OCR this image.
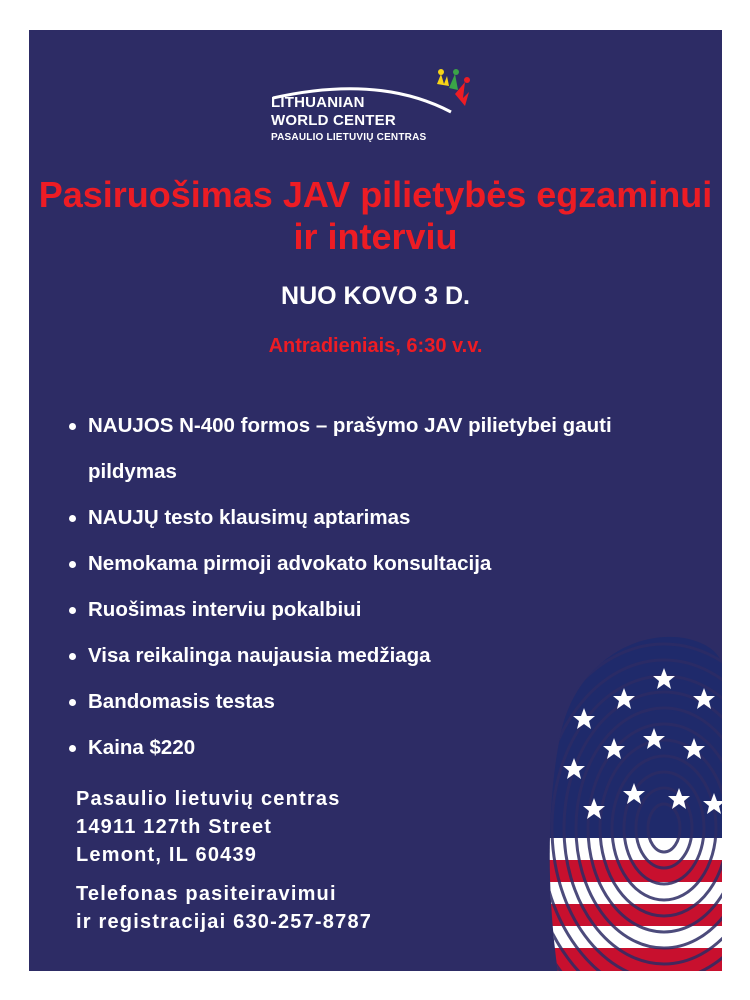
LITHUANIAN
WORLD CENTER
PASAULIO LIETUVIŲ CENTRAS
Pasiruošimas JAV pilietybės egzaminui ir interviu
NUO KOVO 3 D.
Antradieniais, 6:30 v.v.
NAUJOS N-400 formos – prašymo JAV pilietybei gauti pildymas
NAUJŲ testo klausimų aptarimas
Nemokama pirmoji advokato konsultacija
Ruošimas interviu pokalbiui
Visa reikalinga naujausia medžiaga
Bandomasis testas
Kaina $220
Pasaulio lietuvių centras
14911 127th Street
Lemont, IL 60439
Telefonas pasiteiravimui
ir registracijai 630-257-8787
